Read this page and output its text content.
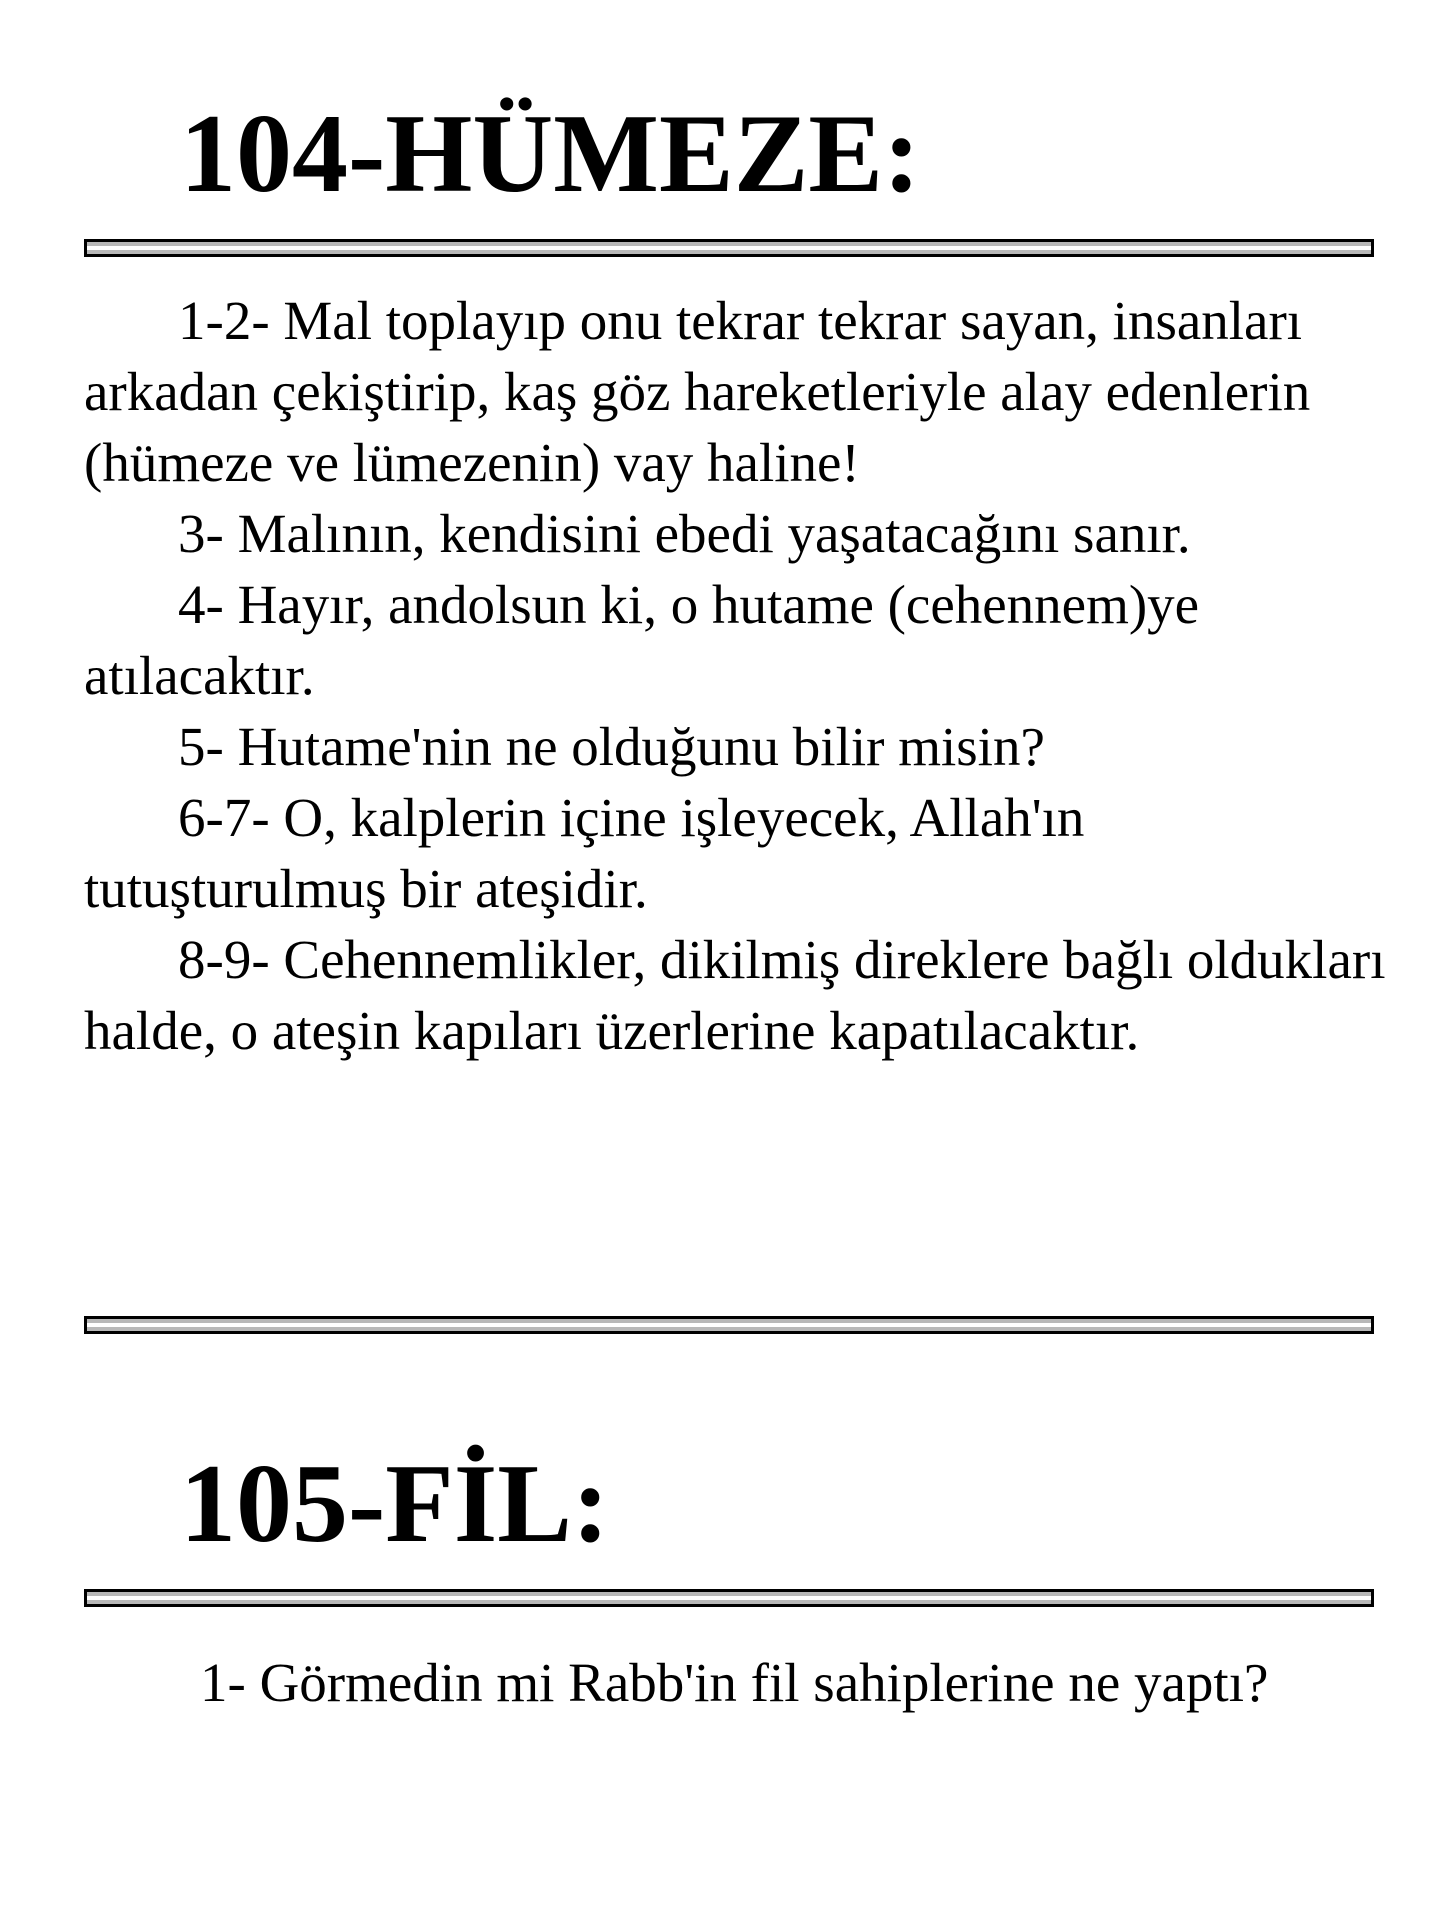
104-HÜMEZE:

1-2- Mal toplayıp onu tekrar tekrar sayan, insanları arkadan çekiştirip, kaş göz hareketleriyle alay edenlerin (hümeze ve lümezenin) vay haline!

3- Malının, kendisini ebedi yaşatacağını sanır.

4- Hayır, andolsun ki, o hutame (cehennem)ye atılacaktır.

5- Hutame'nin ne olduğunu bilir misin?

6-7- O, kalplerin içine işleyecek, Allah'ın tutuşturulmuş bir ateşidir.

8-9- Cehennemlikler, dikilmiş direklere bağlı oldukları halde, o ateşin kapıları üzerlerine kapatılacaktır.

105-FİL:

1- Görmedin mi Rabb'in fil sahiplerine ne yaptı?
